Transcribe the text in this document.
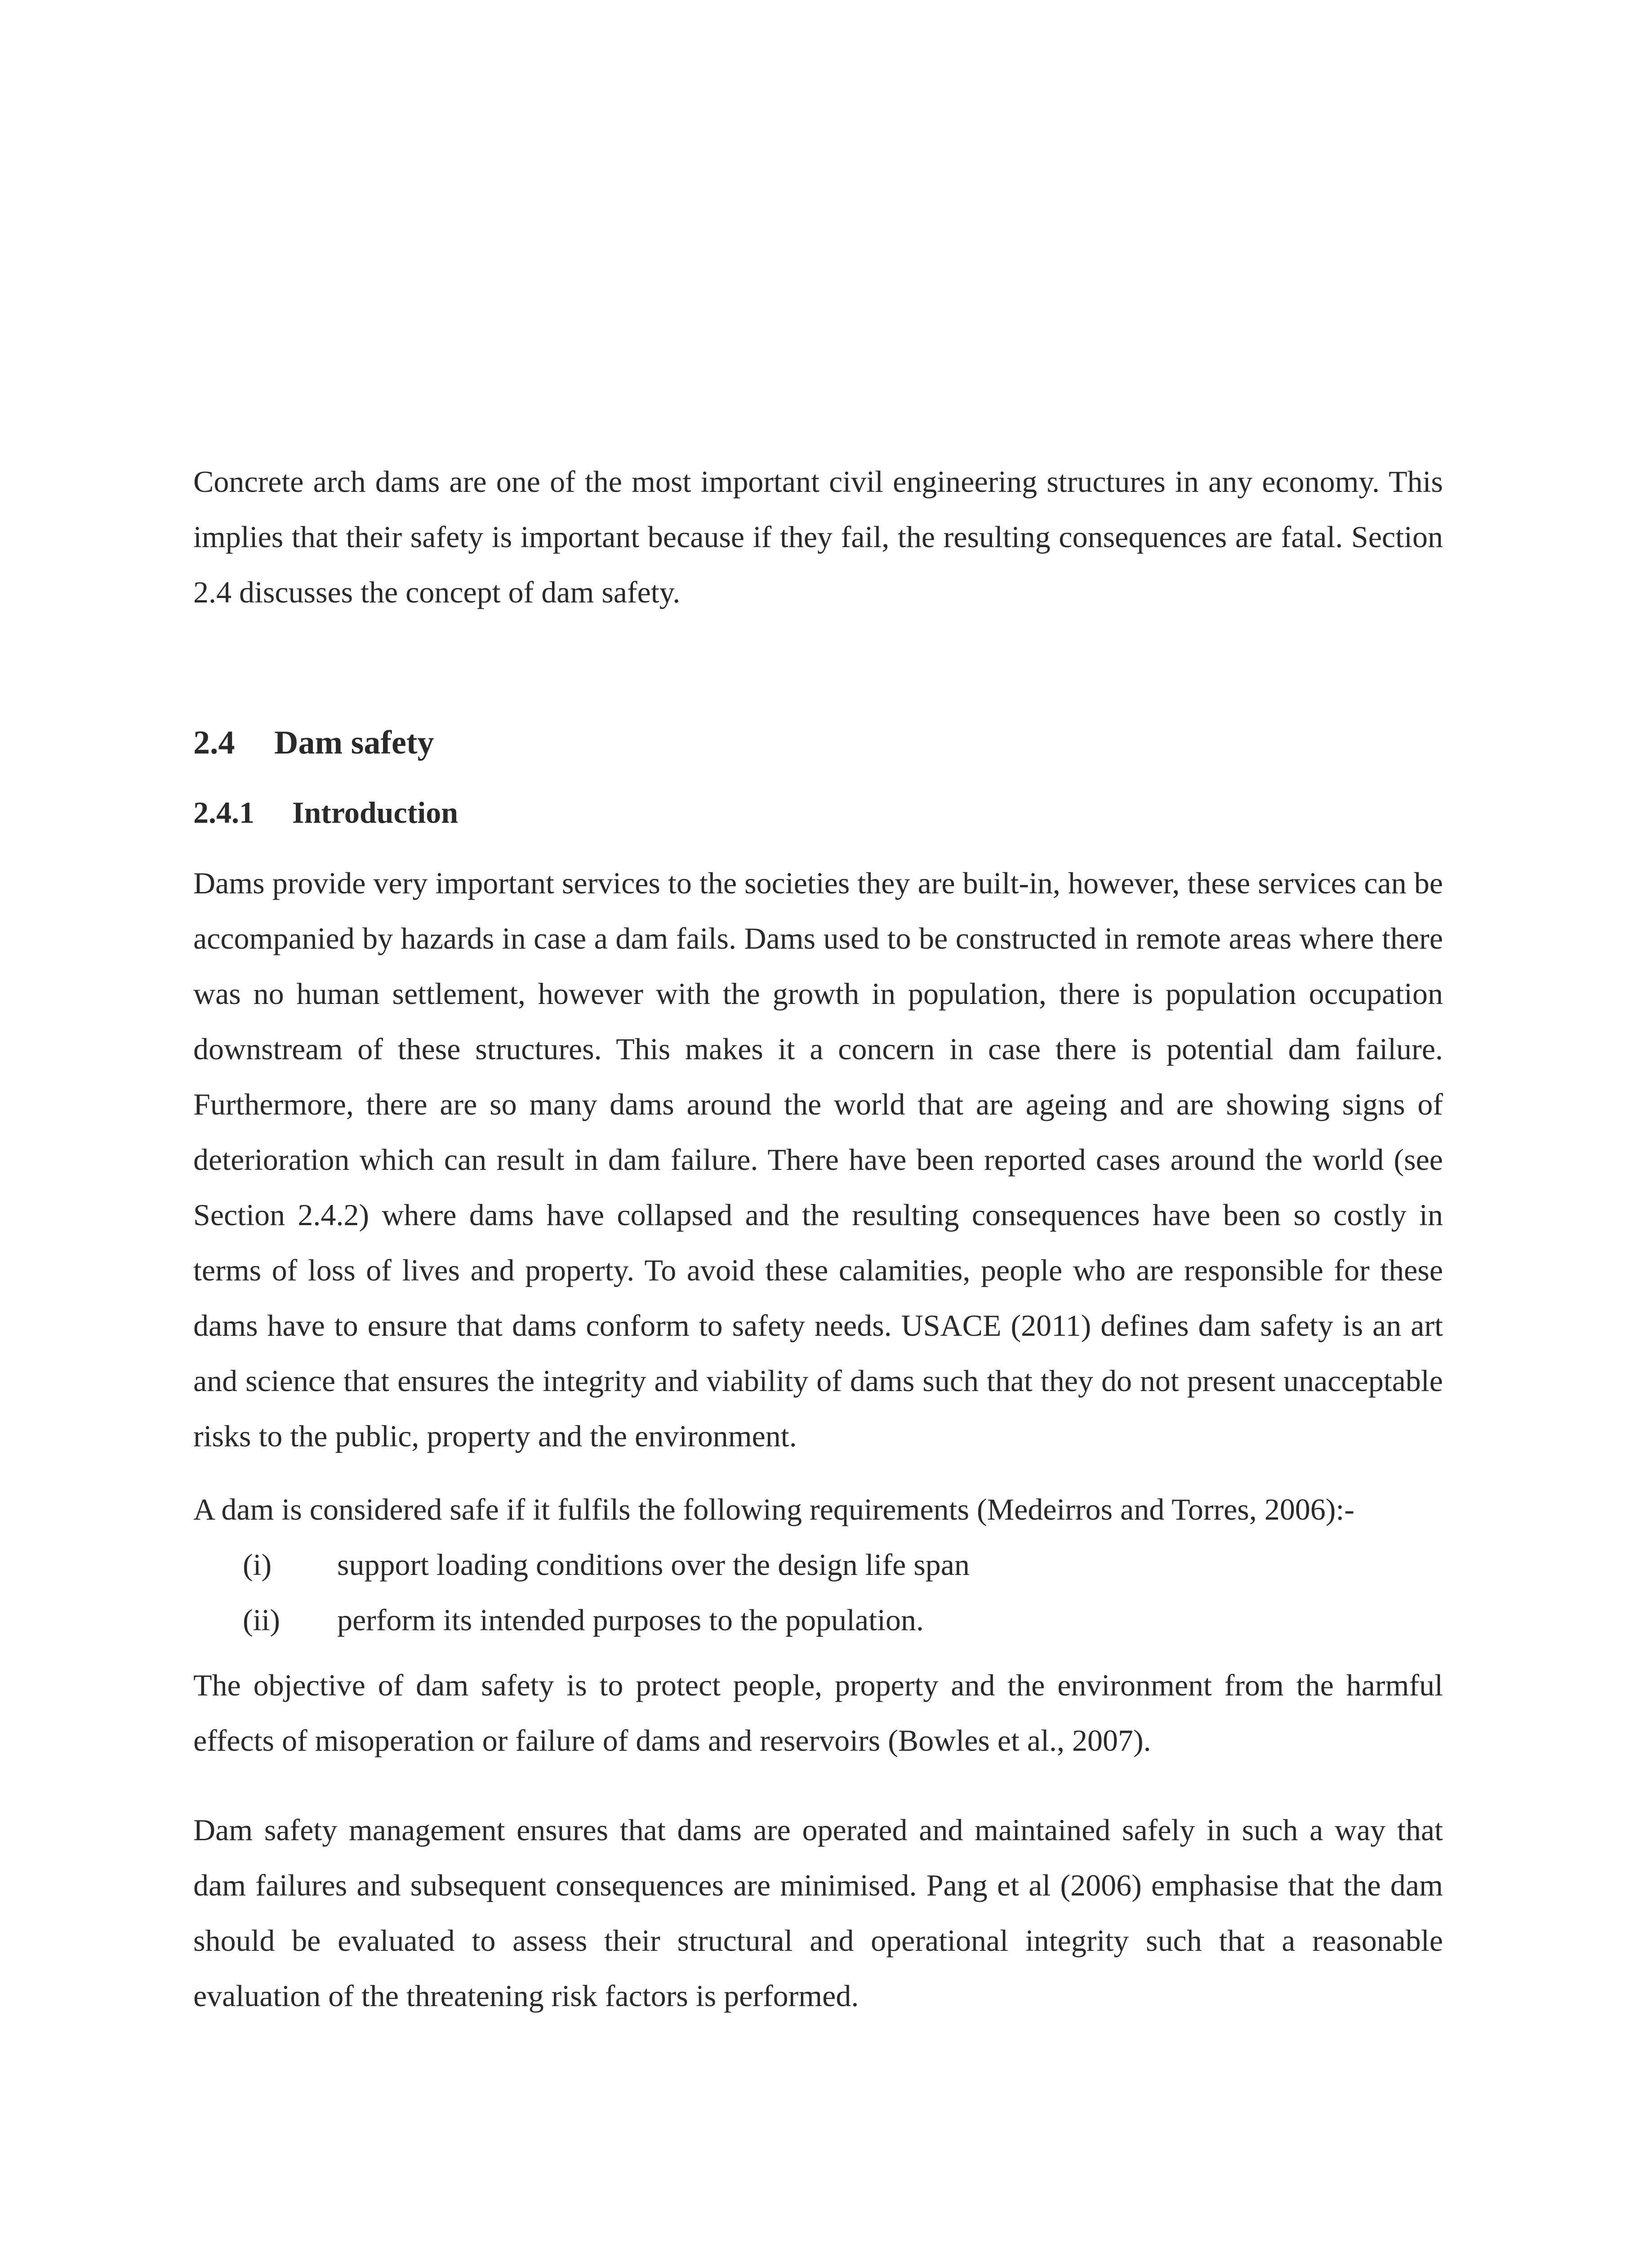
Concrete arch dams are one of the most important civil engineering structures in any economy. This implies that their safety is important because if they fail, the resulting consequences are fatal. Section 2.4 discusses the concept of dam safety.

2.4	Dam safety
2.4.1	Introduction

Dams provide very important services to the societies they are built-in, however, these services can be accompanied by hazards in case a dam fails. Dams used to be constructed in remote areas where there was no human settlement, however with the growth in population, there is population occupation downstream of these structures. This makes it a concern in case there is potential dam failure. Furthermore, there are so many dams around the world that are ageing and are showing signs of deterioration which can result in dam failure. There have been reported cases around the world (see Section 2.4.2) where dams have collapsed and the resulting consequences have been so costly in terms of loss of lives and property. To avoid these calamities, people who are responsible for these dams have to ensure that dams conform to safety needs. USACE (2011) defines dam safety is an art and science that ensures the integrity and viability of dams such that they do not present unacceptable risks to the public, property and the environment.

A dam is considered safe if it fulfils the following requirements (Medeirros and Torres, 2006):-

(i)	support loading conditions over the design life span
(ii)	perform its intended purposes to the population.

The objective of dam safety is to protect people, property and the environment from the harmful effects of misoperation or failure of dams and reservoirs (Bowles et al., 2007).

Dam safety management ensures that dams are operated and maintained safely in such a way that dam failures and subsequent consequences are minimised. Pang et al (2006) emphasise that the dam should be evaluated to assess their structural and operational integrity such that a reasonable evaluation of the threatening risk factors is performed.
